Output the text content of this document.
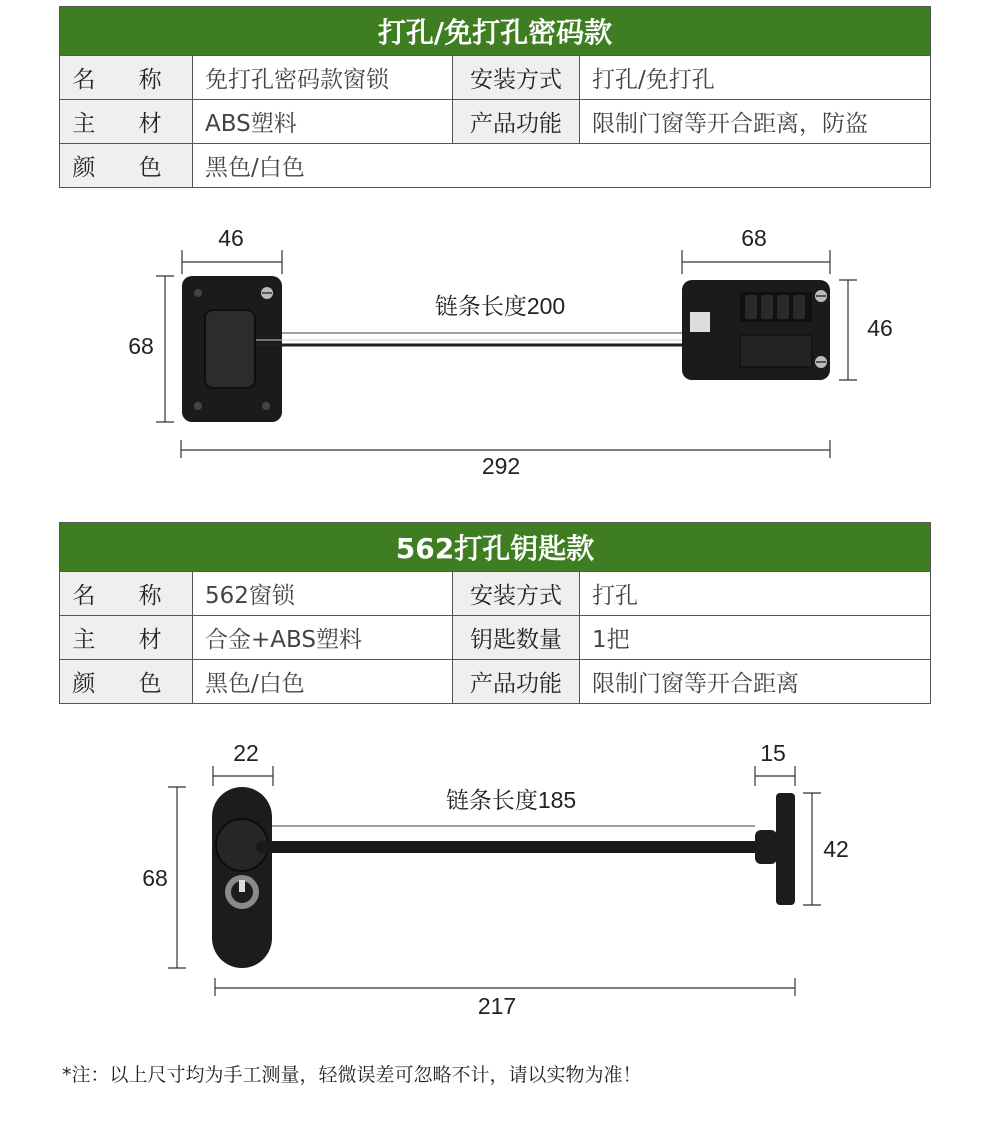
打孔/免打孔密码款			
名 称	免打孔密码款窗锁	安装方式	打孔/免打孔
主 材	ABS塑料	产品功能	限制门窗等开合距离，防盗
颜 色	黑色/白色		
46	68
68
46
292
链条长度200
562打孔钥匙款			
名 称	562窗锁	安装方式	打孔
主 材	合金+ABS塑料	钥匙数量	1把
颜 色	黑色/白色	产品功能	限制门窗等开合距离
22	15
68
42
217
链条长度185
*注：以上尺寸均为手工测量，轻微误差可忽略不计，请以实物为准！
